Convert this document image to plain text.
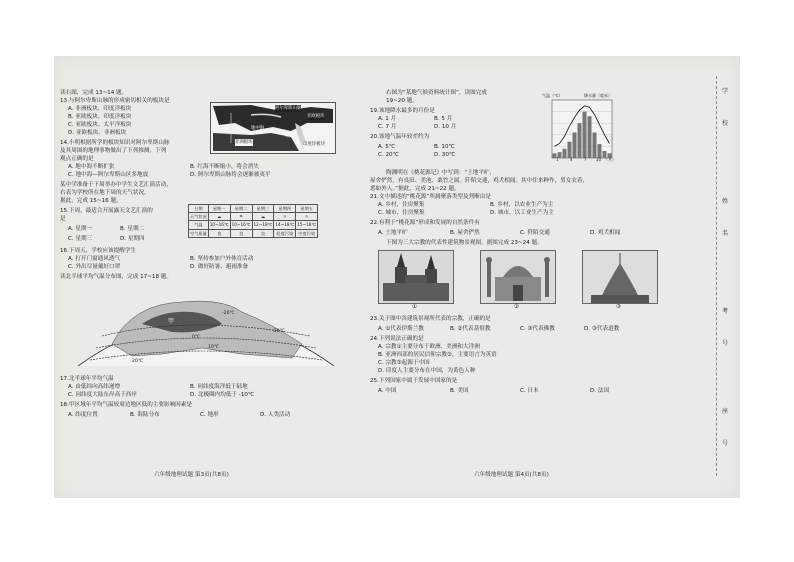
读右图，完成 13~14 题。
13.与阿尔卑斯山脉的形成密切相关的板块是
A. 非洲板块、印度洋板块
B. 亚欧板块、印度洋板块
C. 亚欧板块、太平洋板块
D. 亚欧板块、非洲板块
阿尔卑斯山脉
亚欧板块
非洲板块	印度洋板块
地中海
红海
14.小明根据所学的板块知识对阿尔卑斯山脉
及其周围的地理事物做出了下列推测，下列
观点正确的是
A. 地中海不断扩张	B. 红海不断缩小，将会消失
C. 地中海—阿尔卑斯山区多地震	D. 阿尔卑斯山脉将会逐渐被夷平
某中学准备于下周举办中学生文艺汇演活动，
右表为学校所在地下周的天气状况。
据此，完成 15~16 题。
15.下周，最适合开展露天文艺汇演的
是
A. 星期一	B. 星期二
C. 星期三	D. 星期四
日期	星期一	星期二	星期三	星期四	星期五
天气状况	☁	☂	☁	☼	☼
气温	10~16℃	10~16℃	12~18℃	14~18℃	15~18℃
空气质量	良	良	良	轻度污染	中度污染
16.下周五，学校应该提醒学生
A. 打开门窗通风透气	B. 坚持参加户外体育活动
C. 外出尽量戴好口罩	D. 做好防暑、避雨准备
读北半球平均气温分布图，完成 17~18 题。
甲
-20℃
-10℃
0℃
10℃
20℃
17.北半球年平均气温
A. 由低纬向高纬递增	B. 同纬度海洋低于陆地
C. 同纬度大陆东岸高于西岸	D. 北极圈内均低于 -10℃
18.甲区域年平均气温较周边地区低的主要影响因素是
A. 纬度位置	B. 海陆分布	C. 地形	D. 人类活动
六年级地理试题 第3页(共8页)
右图为“某地气候资料统计图”，读图完成
19~20 题。
19.该地降水最多的月份是
A. 1 月	B. 5 月
C. 7 月	D. 10 月
20.该地气温年较差约为
A. 5℃	B. 10℃
C. 20℃	D. 30℃
气温（℃）	降水量（毫米）
1	4	7 10 （月）
陶渊明在《桃花源记》中写到：“土地平旷，
屋舍俨然，有良田、美池、桑竹之属。阡陌交通，鸡犬相闻。其中往来种作，男女衣着，
悉如外人。”据此，完成 21~22 题。
21.文中描述的“桃花源”所属聚落类型及判断由是
A. 乡村，住房聚集	B. 乡村，以农业生产为主
C. 城市，住房聚集	D. 城市，以工业生产为主
22.有利于“桃花源”形成和发展的自然条件有
A. 土地平旷	B. 屋舍俨然	C. 阡陌交通	D. 鸡犬相闻
下图为三大宗教的代表性建筑物景观图，据图完成 23~24 题。
①	②	③
23.关于图中各建筑景观所代表的宗教，正确的是
A. ①代表伊斯兰教	B. ②代表基督教	C. ③代表佛教	D. ③代表道教
24.下列说法正确的是
A. 宗教①主要分布于欧洲、美洲和大洋洲
B. 亚洲西部的居民信仰宗教②，主要语言为英语
C. 宗教③起源于中国
D. 印度人主要分布在中国，为黄色人种
25.下列国家中属于发展中国家的是
A. 中国	B. 美国	C. 日本	D. 法国
六年级地理试题 第4页(共8页)
学
校
姓
名
考
号
座
号
